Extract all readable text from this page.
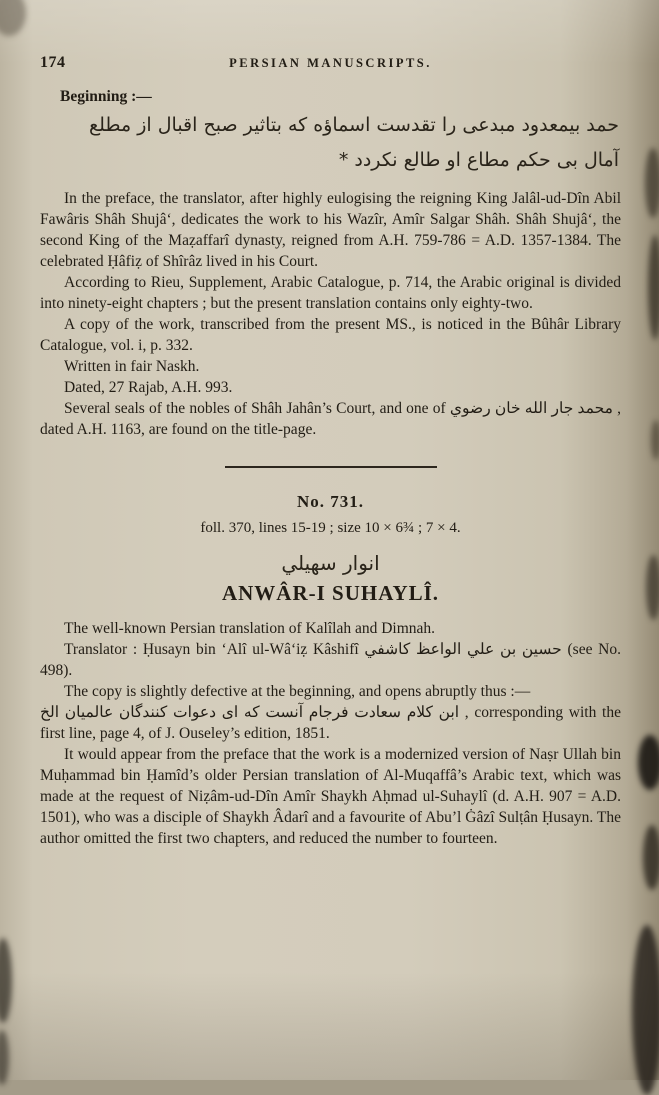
174	PERSIAN MANUSCRIPTS.
Beginning :—
حمد بیمعدود مبدعی را تقدست اسماؤه که بتاثیر صبح اقبال از مطلع
آمال بی حکم مطاع او طالع نکردد *

In the preface, the translator, after highly eulogising the reigning King Jalâl-ud-Dîn Abil Fawâris Shâh Shujâ‘, dedicates the work to his Wazîr, Amîr Salgar Shâh. Shâh Shujâ‘, the second King of the Maẓaffarî dynasty, reigned from A.H. 759-786 = A.D. 1357-1384. The celebrated Ḥâfiẓ of Shîrâz lived in his Court.

According to Rieu, Supplement, Arabic Catalogue, p. 714, the Arabic original is divided into ninety-eight chapters ; but the present translation contains only eighty-two.

A copy of the work, transcribed from the present MS., is noticed in the Bûhâr Library Catalogue, vol. i, p. 332.

Written in fair Naskh.

Dated, 27 Rajab, A.H. 993.

Several seals of the nobles of Shâh Jahân’s Court, and one of محمد جار الله خان رضوي , dated A.H. 1163, are found on the title-page.

No. 731.

foll. 370, lines 15-19 ; size 10 × 6¾ ; 7 × 4.

انوار سهيلي

ANWÂR-I SUHAYLÎ.

The well-known Persian translation of Kalîlah and Dimnah.

Translator : Ḥusayn bin ‘Alî ul-Wâ‘iẓ Kâshifî حسين بن علي الواعظ كاشفي (see No. 498).

The copy is slightly defective at the beginning, and opens abruptly thus :—

ابن كلام سعادت فرجام آنست كه اى دعوات كنندگان عالميان الخ , corresponding with the first line, page 4, of J. Ouseley’s edition, 1851.

It would appear from the preface that the work is a modernized version of Naṣr Ullah bin Muḥammad bin Ḥamîd’s older Persian translation of Al-Muqaffâ’s Arabic text, which was made at the request of Niẓâm-ud-Dîn Amîr Shaykh Aḥmad ul-Suhaylî (d. A.H. 907 = A.D. 1501), who was a disciple of Shaykh Âdarî and a favourite of Abu’l Ġâzî Sulṭân Ḥusayn. The author omitted the first two chapters, and reduced the number to fourteen.
